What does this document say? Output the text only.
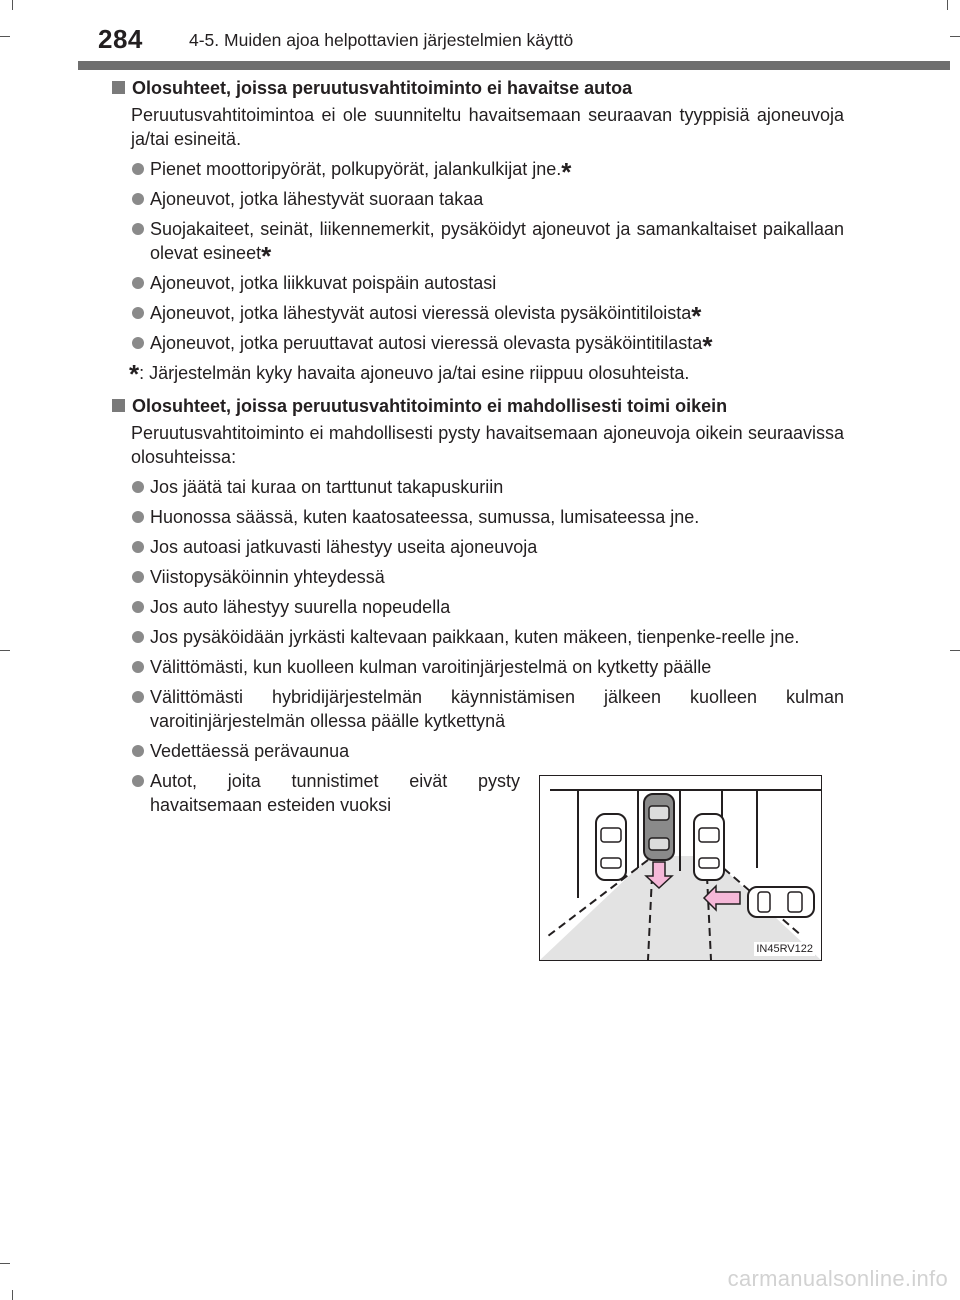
284	4-5. Muiden ajoa helpottavien järjestelmien käyttö
Olosuhteet, joissa peruutusvahtitoiminto ei havaitse autoa
Peruutusvahtitoimintoa ei ole suunniteltu havaitsemaan seuraavan tyyppisiä ajoneuvoja ja/tai esineitä.
Pienet moottoripyörät, polkupyörät, jalankulkijat jne.*
Ajoneuvot, jotka lähestyvät suoraan takaa
Suojakaiteet, seinät, liikennemerkit, pysäköidyt ajoneuvot ja samankaltaiset paikallaan olevat esineet*
Ajoneuvot, jotka liikkuvat poispäin autostasi
Ajoneuvot, jotka lähestyvät autosi vieressä olevista pysäköintitiloista*
Ajoneuvot, jotka peruuttavat autosi vieressä olevasta pysäköintitilasta*
*: Järjestelmän kyky havaita ajoneuvo ja/tai esine riippuu olosuhteista.
Olosuhteet, joissa peruutusvahtitoiminto ei mahdollisesti toimi oikein
Peruutusvahtitoiminto ei mahdollisesti pysty havaitsemaan ajoneuvoja oikein seuraavissa olosuhteissa:
Jos jäätä tai kuraa on tarttunut takapuskuriin
Huonossa säässä, kuten kaatosateessa, sumussa, lumisateessa jne.
Jos autoasi jatkuvasti lähestyy useita ajoneuvoja
Viistopysäköinnin yhteydessä
Jos auto lähestyy suurella nopeudella
Jos pysäköidään jyrkästi kaltevaan paikkaan, kuten mäkeen, tienpenke-reelle jne.
Välittömästi, kun kuolleen kulman varoitinjärjestelmä on kytketty päälle
Välittömästi hybridijärjestelmän käynnistämisen jälkeen kuolleen kulman varoitinjärjestelmän ollessa päälle kytkettynä
Vedettäessä perävaunua
Autot, joita tunnistimet eivät pysty havaitsemaan esteiden vuoksi
IN45RV122
carmanualsonline.info
